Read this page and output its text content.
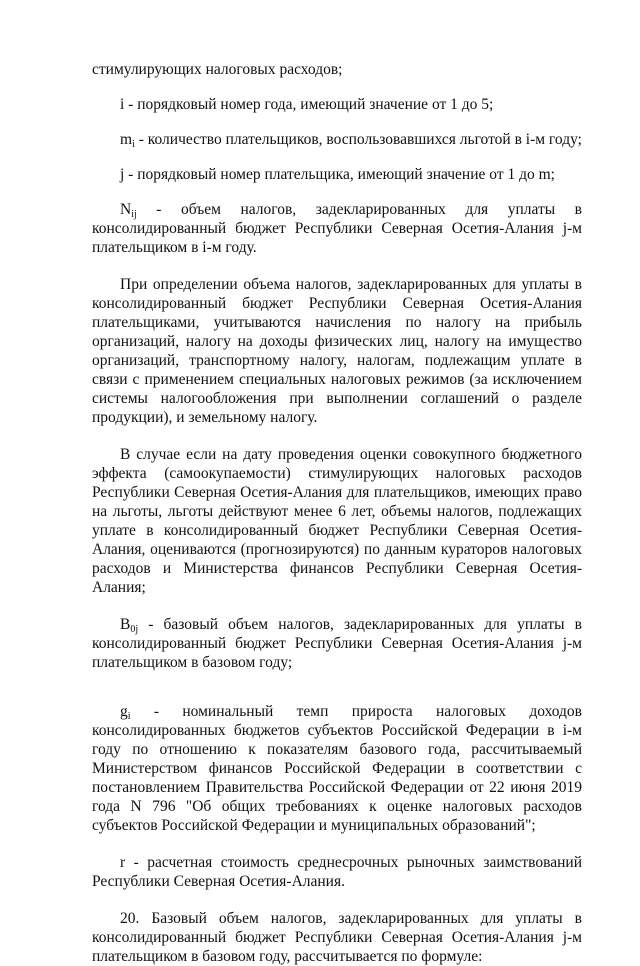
стимулирующих налоговых расходов;

i - порядковый номер года, имеющий значение от 1 до 5;

$m_i$ - количество плательщиков, воспользовавшихся льготой в i-м году;

j - порядковый номер плательщика, имеющий значение от 1 до m;

$N_{ij}$ - объем налогов, задекларированных для уплаты в консолидированный бюджет Республики Северная Осетия-Алания j-м плательщиком в i-м году.

При определении объема налогов, задекларированных для уплаты в консолидированный бюджет Республики Северная Осетия-Алания плательщиками, учитываются начисления по налогу на прибыль организаций, налогу на доходы физических лиц, налогу на имущество организаций, транспортному налогу, налогам, подлежащим уплате в связи с применением специальных налоговых режимов (за исключением системы налогообложения при выполнении соглашений о разделе продукции), и земельному налогу.

В случае если на дату проведения оценки совокупного бюджетного эффекта (самоокупаемости) стимулирующих налоговых расходов Республики Северная Осетия-Алания для плательщиков, имеющих право на льготы, льготы действуют менее 6 лет, объемы налогов, подлежащих уплате в консолидированный бюджет Республики Северная Осетия-Алания, оцениваются (прогнозируются) по данным кураторов налоговых расходов и Министерства финансов Республики Северная Осетия-Алания;

$B_{0j}$ - базовый объем налогов, задекларированных для уплаты в консолидированный бюджет Республики Северная Осетия-Алания j-м плательщиком в базовом году;

$g_i$ - номинальный темп прироста налоговых доходов консолидированных бюджетов субъектов Российской Федерации в i-м году по отношению к показателям базового года, рассчитываемый Министерством финансов Российской Федерации в соответствии с постановлением Правительства Российской Федерации от 22 июня 2019 года N 796 "Об общих требованиях к оценке налоговых расходов субъектов Российской Федерации и муниципальных образований";

r - расчетная стоимость среднесрочных рыночных заимствований Республики Северная Осетия-Алания.

20. Базовый объем налогов, задекларированных для уплаты в консолидированный бюджет Республики Северная Осетия-Алания j-м плательщиком в базовом году, рассчитывается по формуле:
